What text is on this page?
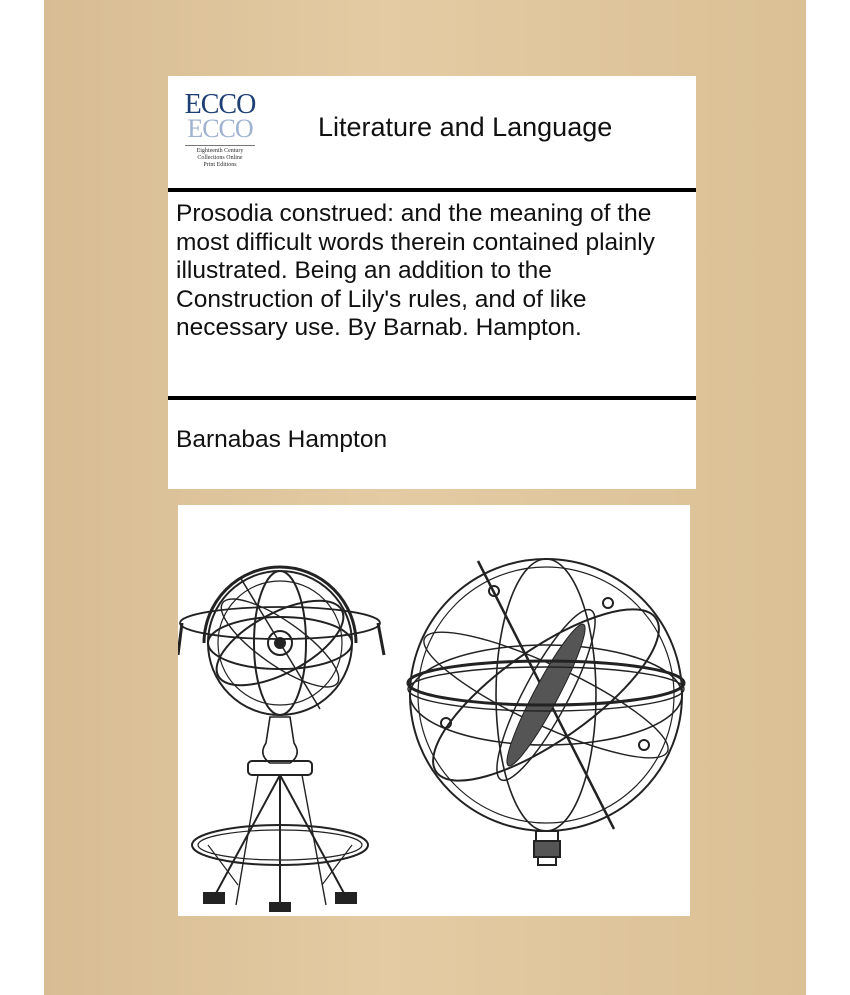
ECCO
ECCO
Eighteenth Century
Collections Online
Print Editions
Literature and Language
Prosodia construed: and the meaning of the most difficult words therein contained plainly illustrated. Being an addition to the Construction of Lily's rules, and of like necessary use. By Barnab. Hampton.
Barnabas Hampton
